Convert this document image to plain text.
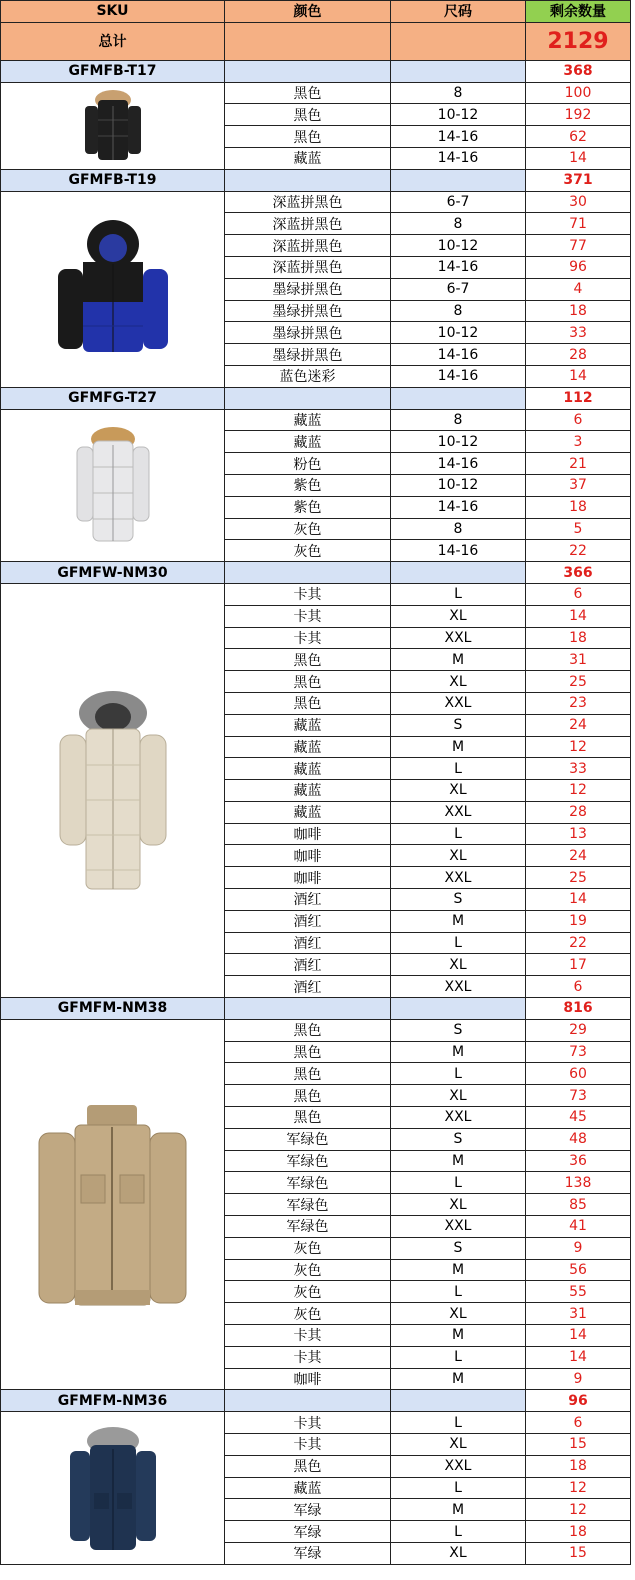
SKU	颜色	尺码	剩余数量
总计			2129
GFMFB-T17			368

	黑色	8	100
	黑色	10-12	192
	黑色	14-16	62
	藏蓝	14-16	14
GFMFB-T19			371

	深蓝拼黑色	6-7	30
	深蓝拼黑色	8	71
	深蓝拼黑色	10-12	77
	深蓝拼黑色	14-16	96
	墨绿拼黑色	6-7	4
	墨绿拼黑色	8	18
	墨绿拼黑色	10-12	33
	墨绿拼黑色	14-16	28
	蓝色迷彩	14-16	14
GFMFG-T27			112

	藏蓝	8	6
	藏蓝	10-12	3
	粉色	14-16	21
	紫色	10-12	37
	紫色	14-16	18
	灰色	8	5
	灰色	14-16	22
GFMFW-NM30			366

	卡其	L	6
	卡其	XL	14
	卡其	XXL	18
	黑色	M	31
	黑色	XL	25
	黑色	XXL	23
	藏蓝	S	24
	藏蓝	M	12
	藏蓝	L	33
	藏蓝	XL	12
	藏蓝	XXL	28
	咖啡	L	13
	咖啡	XL	24
	咖啡	XXL	25
	酒红	S	14
	酒红	M	19
	酒红	L	22
	酒红	XL	17
	酒红	XXL	6
GFMFM-NM38			816

	黑色	S	29
	黑色	M	73
	黑色	L	60
	黑色	XL	73
	黑色	XXL	45
	军绿色	S	48
	军绿色	M	36
	军绿色	L	138
	军绿色	XL	85
	军绿色	XXL	41
	灰色	S	9
	灰色	M	56
	灰色	L	55
	灰色	XL	31
	卡其	M	14
	卡其	L	14
	咖啡	M	9
GFMFM-NM36			96

	卡其	L	6
	卡其	XL	15
	黑色	XXL	18
	藏蓝	L	12
	军绿	M	12
	军绿	L	18
	军绿	XL	15
